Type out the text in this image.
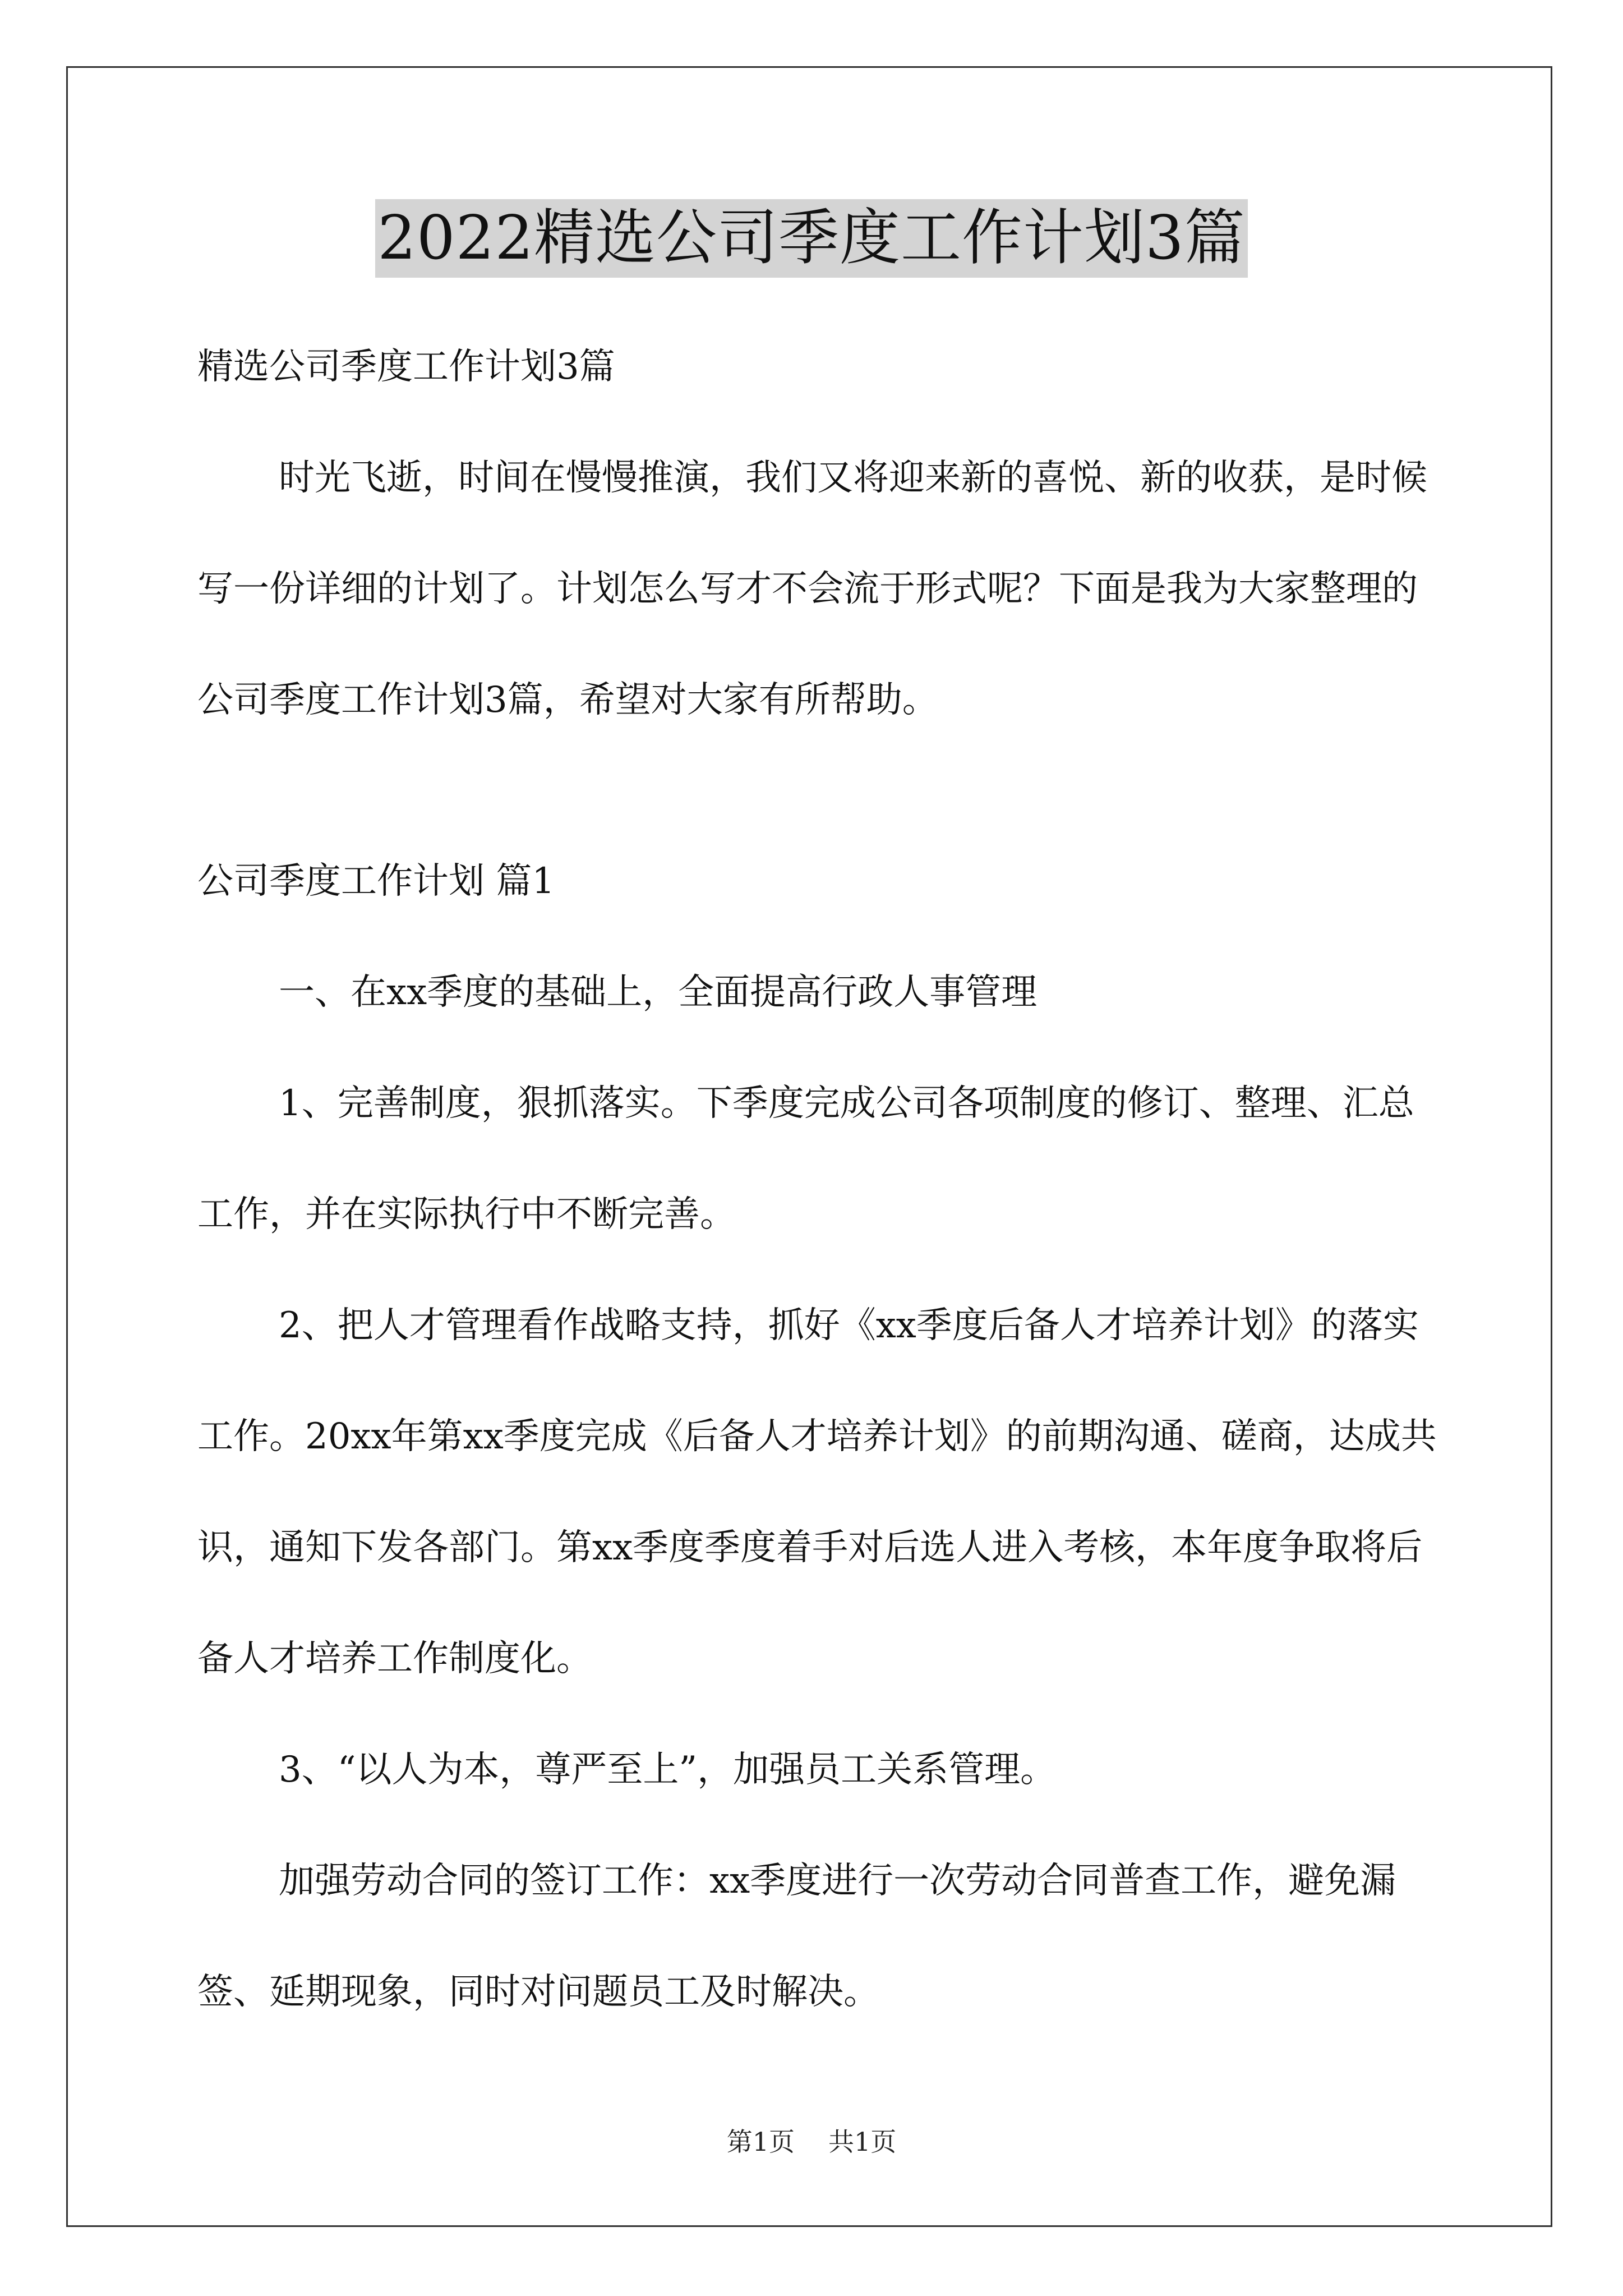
2022精选公司季度工作计划3篇

精选公司季度工作计划3篇

时光飞逝，时间在慢慢推演，我们又将迎来新的喜悦、新的收获，是时候写一份详细的计划了。计划怎么写才不会流于形式呢？下面是我为大家整理的公司季度工作计划3篇，希望对大家有所帮助。

公司季度工作计划 篇1

一、在xx季度的基础上，全面提高行政人事管理

1、完善制度，狠抓落实。下季度完成公司各项制度的修订、整理、汇总工作，并在实际执行中不断完善。

2、把人才管理看作战略支持，抓好《xx季度后备人才培养计划》的落实工作。20xx年第xx季度完成《后备人才培养计划》的前期沟通、磋商，达成共识，通知下发各部门。第xx季度季度着手对后选人进入考核，本年度争取将后备人才培养工作制度化。

3、“以人为本，尊严至上”，加强员工关系管理。

加强劳动合同的签订工作：xx季度进行一次劳动合同普查工作，避免漏签、延期现象，同时对问题员工及时解决。

第1页 共1页
